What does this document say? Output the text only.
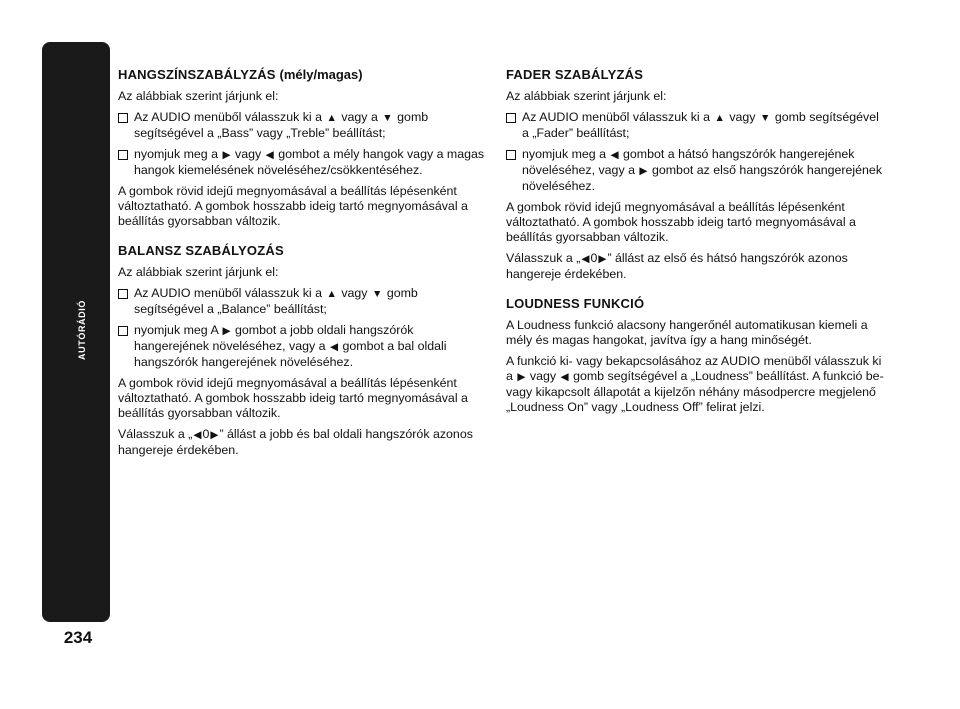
AUTÓRÁDIÓ
234
HANGSZÍNSZABÁLYZÁS (mély/magas)

Az alábbiak szerint járjunk el:

Az AUDIO menüből válasszuk ki a ▲ vagy a ▼ gomb segítségével a „Bass” vagy „Treble” beállítást;
nyomjuk meg a ▶ vagy ◀ gombot a mély hangok vagy a magas hangok kiemelésének növeléséhez/csökkentéséhez.

A gombok rövid idejű megnyomásával a beállítás lépésenként változtatható. A gombok hosszabb ideig tartó megnyomásával a beállítás gyorsabban változik.

BALANSZ SZABÁLYOZÁS

Az alábbiak szerint járjunk el:

Az AUDIO menüből válasszuk ki a ▲ vagy ▼ gomb segítségével a „Balance” beállítást;
nyomjuk meg A ▶ gombot a jobb oldali hangszórók hangerejének növeléséhez, vagy a ◀ gombot a bal oldali hangszórók hangerejének növeléséhez.

A gombok rövid idejű megnyomásával a beállítás lépésenként változtatható. A gombok hosszabb ideig tartó megnyomásával a beállítás gyorsabban változik.

Válasszuk a „◀0▶” állást a jobb és bal oldali hangszórók azonos hangereje érdekében.

FADER SZABÁLYZÁS

Az alábbiak szerint járjunk el:

Az AUDIO menüből válasszuk ki a ▲ vagy ▼ gomb segítségével a „Fader” beállítást;
nyomjuk meg a ◀ gombot a hátsó hangszórók hangerejének növeléséhez, vagy a ▶ gombot az első hangszórók hangerejének növeléséhez.

A gombok rövid idejű megnyomásával a beállítás lépésenként változtatható. A gombok hosszabb ideig tartó megnyomásával a beállítás gyorsabban változik.

Válasszuk a „◀0▶” állást az első és hátsó hangszórók azonos hangereje érdekében.

LOUDNESS FUNKCIÓ

A Loudness funkció alacsony hangerőnél automatikusan kiemeli a mély és magas hangokat, javítva így a hang minőségét.

A funkció ki- vagy bekapcsolásához az AUDIO menüből válasszuk ki a ▶ vagy ◀ gomb segítségével a „Loudness” beállítást. A funkció be- vagy kikapcsolt állapotát a kijelzőn néhány másodpercre megjelenő „Loudness On” vagy „Loudness Off” felirat jelzi.
